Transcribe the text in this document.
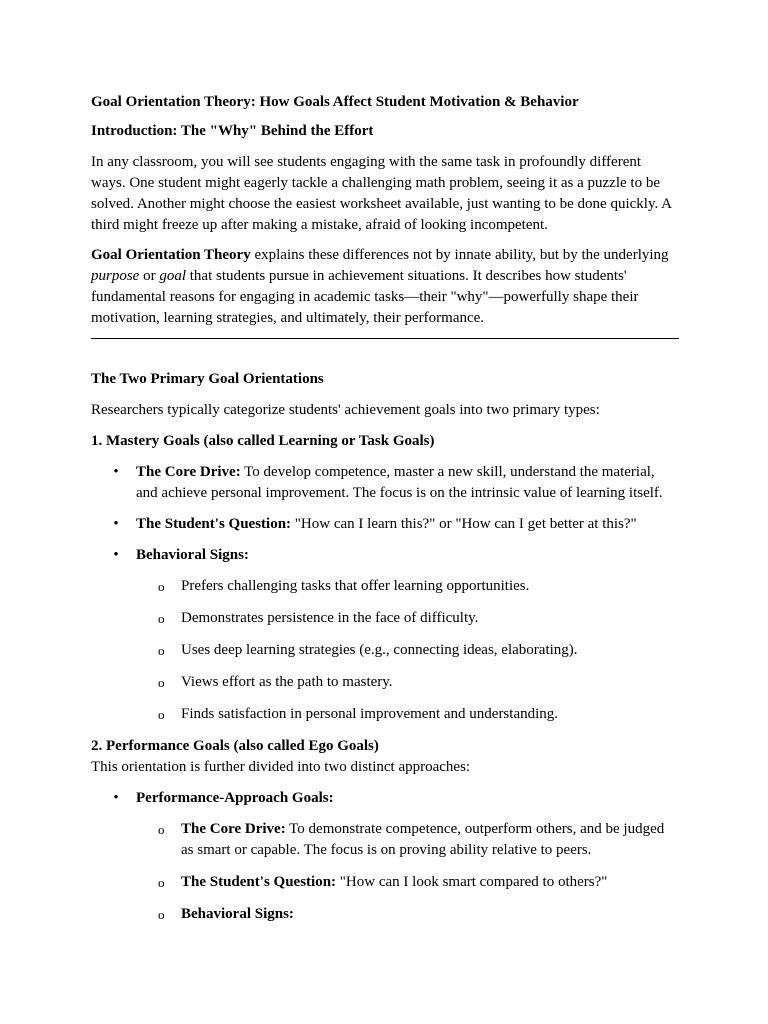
Goal Orientation Theory: How Goals Affect Student Motivation & Behavior

Introduction: The "Why" Behind the Effort

In any classroom, you will see students engaging with the same task in profoundly different ways. One student might eagerly tackle a challenging math problem, seeing it as a puzzle to be solved. Another might choose the easiest worksheet available, just wanting to be done quickly. A third might freeze up after making a mistake, afraid of looking incompetent.

Goal Orientation Theory explains these differences not by innate ability, but by the underlying purpose or goal that students pursue in achievement situations. It describes how students' fundamental reasons for engaging in academic tasks—their "why"—powerfully shape their motivation, learning strategies, and ultimately, their performance.

The Two Primary Goal Orientations

Researchers typically categorize students' achievement goals into two primary types:

1. Mastery Goals (also called Learning or Task Goals)

• The Core Drive: To develop competence, master a new skill, understand the material, and achieve personal improvement. The focus is on the intrinsic value of learning itself.
• The Student's Question: "How can I learn this?" or "How can I get better at this?"
• Behavioral Signs:
o Prefers challenging tasks that offer learning opportunities.
o Demonstrates persistence in the face of difficulty.
o Uses deep learning strategies (e.g., connecting ideas, elaborating).
o Views effort as the path to mastery.
o Finds satisfaction in personal improvement and understanding.

2. Performance Goals (also called Ego Goals)

This orientation is further divided into two distinct approaches:

• Performance-Approach Goals:
o The Core Drive: To demonstrate competence, outperform others, and be judged as smart or capable. The focus is on proving ability relative to peers.
o The Student's Question: "How can I look smart compared to others?"
o Behavioral Signs:
